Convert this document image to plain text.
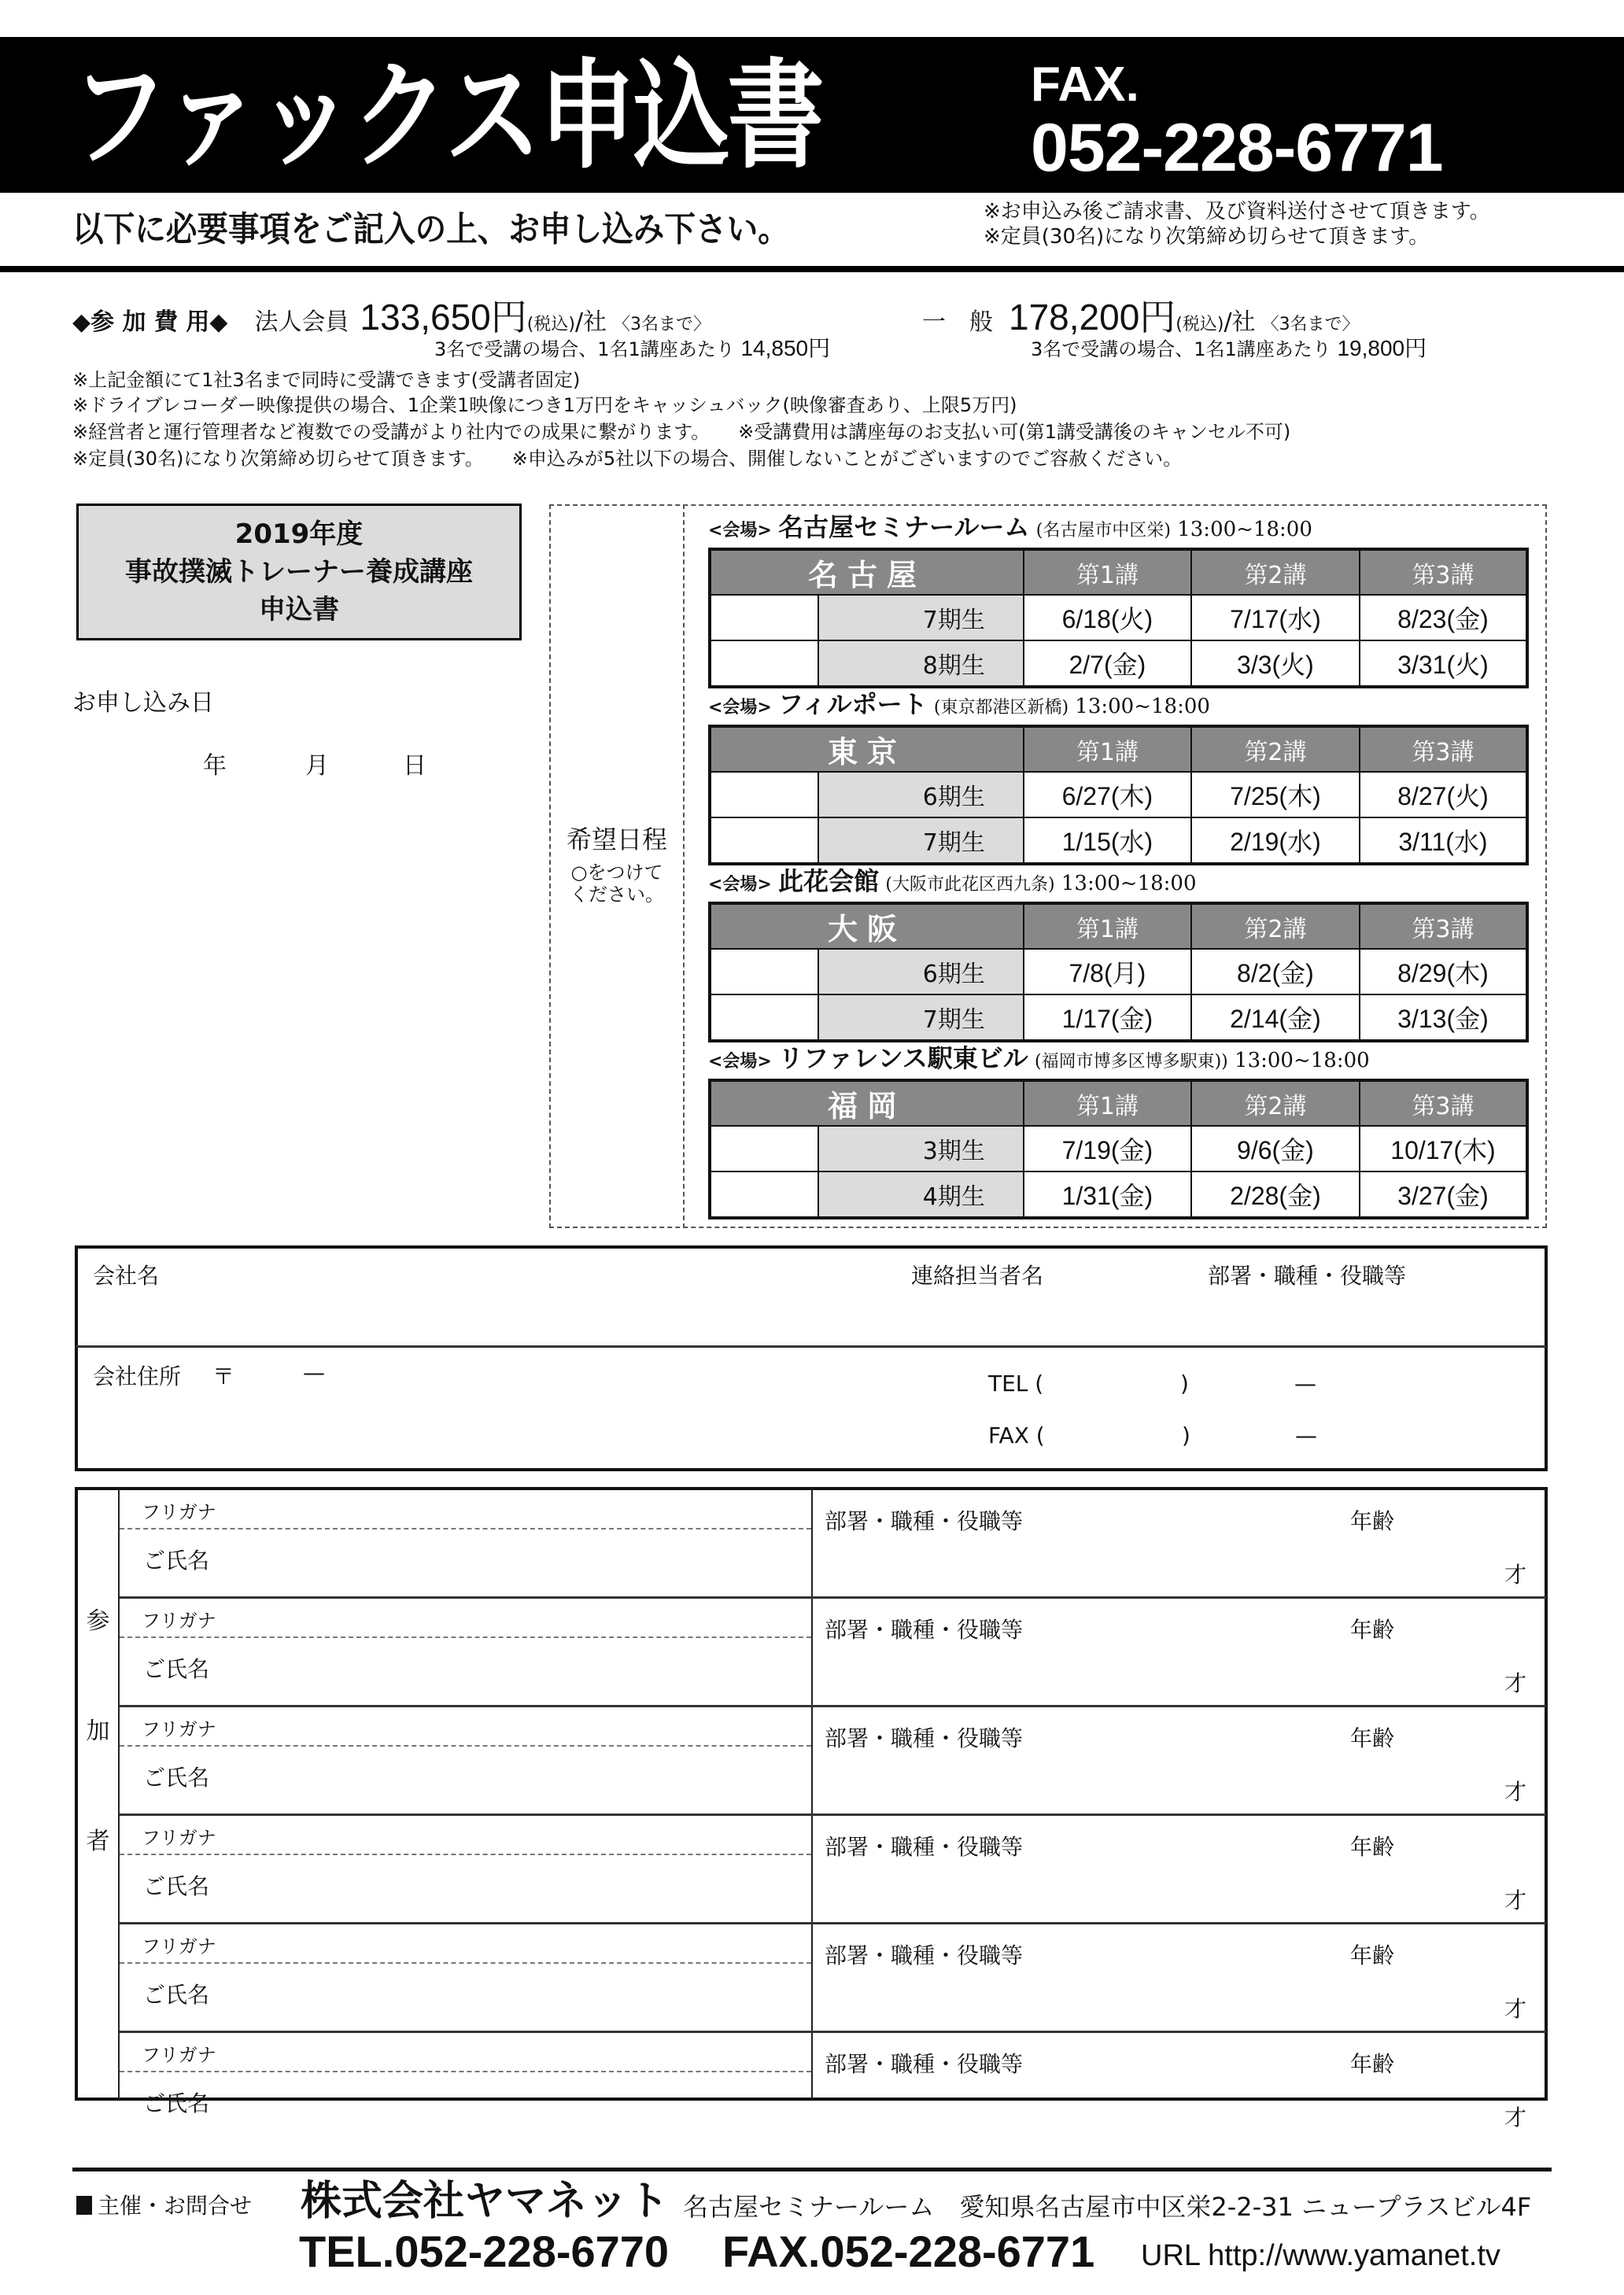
ファックス申込書	FAX.
052-228-6771
以下に必要事項をご記入の上、お申し込み下さい。	※お申込み後ご請求書、及び資料送付させて頂きます。
※定員(30名)になり次第締め切らせて頂きます。
◆参 加 費 用◆ 法人会員 133,650円 (税込) /社 〈3名まで〉
3名で受講の場合、1名1講座あたり 14,850円
一　般 178,200円 (税込) /社 〈3名まで〉
3名で受講の場合、1名1講座あたり 19,800円
※上記金額にて1社3名まで同時に受講できます(受講者固定)
※ドライブレコーダー映像提供の場合、1企業1映像につき1万円をキャッシュバック(映像審査あり、上限5万円)
※経営者と運行管理者など複数での受講がより社内での成果に繋がります。　　※受講費用は講座毎のお支払い可(第1講受講後のキャンセル不可)
※定員(30名)になり次第締め切らせて頂きます。　　※申込みが5社以下の場合、開催しないことがございますのでご容赦ください。
2019年度
事故撲滅トレーナー養成講座
申込書
お申し込み日
年	月	日
希望日程
○をつけて
ください。
<会場> 名古屋セミナールーム (名古屋市中区栄) 13:00~18:00
名古屋		第1講	第2講	第3講
	7期生	6/18(火)	7/17(水)	8/23(金)
	8期生	2/7(金)	3/3(火)	3/31(火)
<会場> フィルポート (東京都港区新橋) 13:00~18:00
東京		第1講	第2講	第3講
	6期生	6/27(木)	7/25(木)	8/27(火)
	7期生	1/15(水)	2/19(水)	3/11(水)
<会場> 此花会館 (大阪市此花区西九条) 13:00~18:00
大阪		第1講	第2講	第3講
	6期生	7/8(月)	8/2(金)	8/29(木)
	7期生	1/17(金)	2/14(金)	3/13(金)
<会場> リファレンス駅東ビル (福岡市博多区博多駅東)) 13:00~18:00
福岡		第1講	第2講	第3講
	3期生	7/19(金)	9/6(金)	10/17(木)
	4期生	1/31(金)	2/28(金)	3/27(金)
会社名	連絡担当者名	部署・職種・役職等
会社住所 〒	—	TEL (	)	—
FAX (	)	—
参
加
者
フリガナ
ご氏名
部署・職種・役職等	年齢
才
フリガナ
ご氏名
部署・職種・役職等	年齢
才
フリガナ
ご氏名
部署・職種・役職等	年齢
才
フリガナ
ご氏名
部署・職種・役職等	年齢
才
フリガナ
ご氏名
部署・職種・役職等	年齢
才
フリガナ
ご氏名
部署・職種・役職等	年齢
才
主催・お問合せ 株式会社ヤマネット 名古屋セミナールーム　愛知県名古屋市中区栄2-2-31 ニュープラスビル4F
TEL.052-228-6770 FAX.052-228-6771 URL http://www.yamanet.tv
